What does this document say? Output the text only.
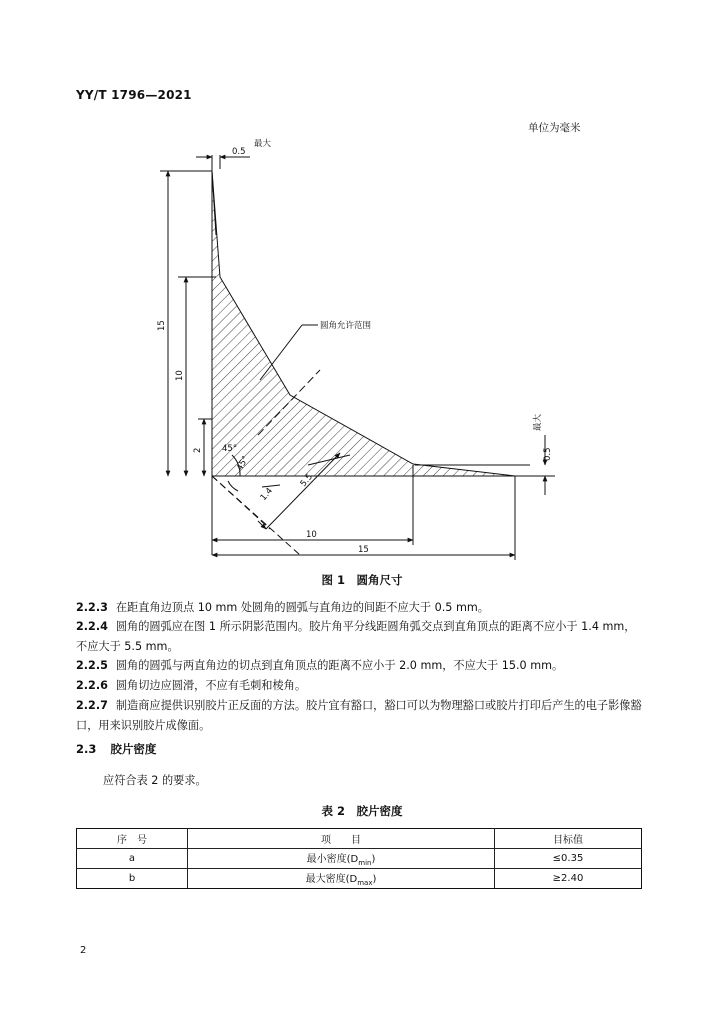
YY/T 1796—2021
单位为毫米
最大
0.5
15
10
2
圆角允许范围
最大
0.5
45°
45°
1.4
5.5
10
15
图 1　圆角尺寸
2.2.3 在距直角边顶点 10 mm 处圆角的圆弧与直角边的间距不应大于 0.5 mm。
2.2.4 圆角的圆弧应在图 1 所示阴影范围内。胶片角平分线距圆角弧交点到直角顶点的距离不应小于 1.4 mm，不应大于 5.5 mm。
2.2.5 圆角的圆弧与两直角边的切点到直角顶点的距离不应小于 2.0 mm，不应大于 15.0 mm。
2.2.6 圆角切边应圆滑，不应有毛刺和棱角。
2.2.7 制造商应提供识别胶片正反面的方法。胶片宜有豁口，豁口可以为物理豁口或胶片打印后产生的电子影像豁口，用来识别胶片成像面。
2.3 胶片密度
应符合表 2 的要求。
表 2　胶片密度
序　号	项　　目	目标值
a	最小密度$(D_{min})$	≤0.35
b	最大密度$(D_{max})$	≥2.40
2
